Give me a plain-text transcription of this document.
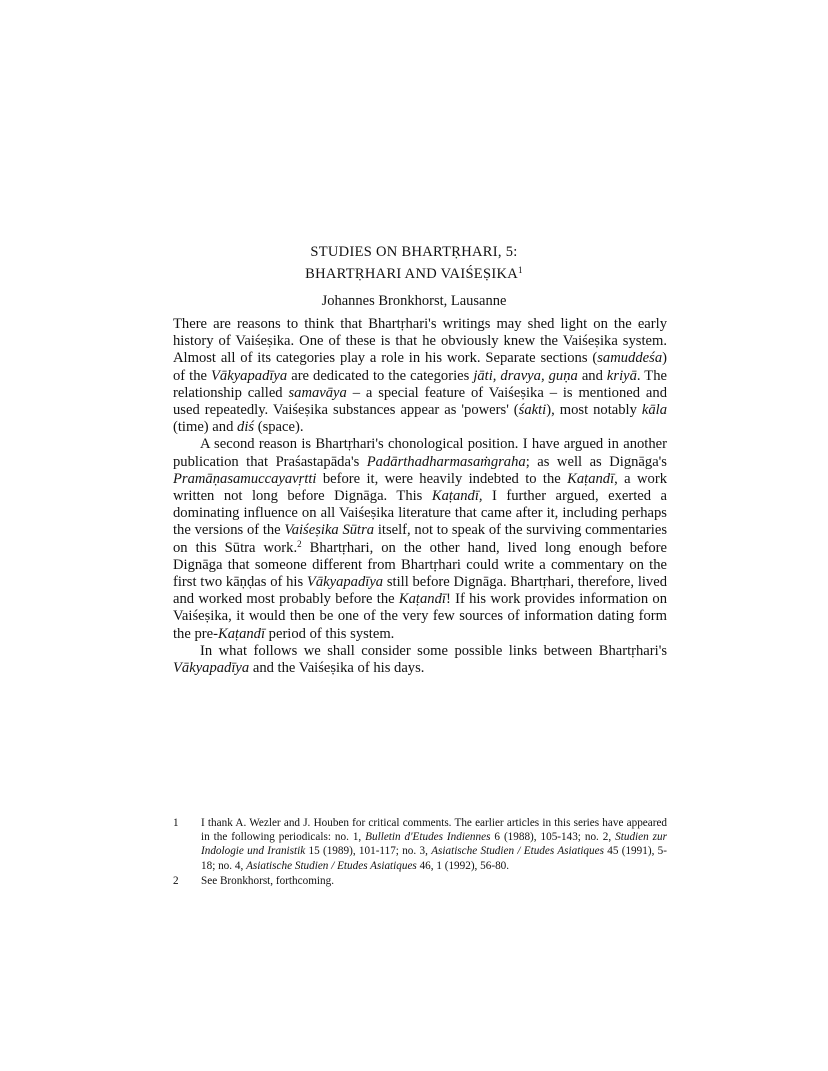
STUDIES ON BHARTṚHARI, 5:
BHARTṚHARI AND VAIŚEṢIKA$^1$
Johannes Bronkhorst, Lausanne

There are reasons to think that Bhartṛhari's writings may shed light on the early history of Vaiśeṣika. One of these is that he obviously knew the Vaiśeṣika system. Almost all of its categories play a role in his work. Separate sections (samuddeśa) of the Vākyapadīya are dedicated to the categories jāti, dravya, guṇa and kriyā. The relationship called samavāya – a special feature of Vaiśeṣika – is mentioned and used repeatedly. Vaiśeṣika substances appear as 'powers' (śakti), most notably kāla (time) and diś (space).

A second reason is Bhartṛhari's chonological position. I have argued in another publication that Praśastapāda's Padārthadharmasaṁgraha; as well as Dignāga's Pramāṇasamuccayavṛtti before it, were heavily indebted to the Kaṭandī, a work written not long before Dignāga. This Kaṭandī, I further argued, exerted a dominating influence on all Vaiśeṣika literature that came after it, including perhaps the versions of the Vaiśeṣika Sūtra itself, not to speak of the surviving commentaries on this Sūtra work.$^2$ Bhartṛhari, on the other hand, lived long enough before Dignāga that someone different from Bhartṛhari could write a commentary on the first two kāṇḍas of his Vākyapadīya still before Dignāga. Bhartṛhari, therefore, lived and worked most probably before the Kaṭandī! If his work provides information on Vaiśeṣika, it would then be one of the very few sources of information dating form the pre-Kaṭandī period of this system.

In what follows we shall consider some possible links between Bhartṛhari's Vākyapadīya and the Vaiśeṣika of his days.

1	I thank A. Wezler and J. Houben for critical comments. The earlier articles in this series have appeared in the following periodicals: no. 1, Bulletin d'Etudes Indiennes 6 (1988), 105-143; no. 2, Studien zur Indologie und Iranistik 15 (1989), 101-117; no. 3, Asiatische Studien / Etudes Asiatiques 45 (1991), 5-18; no. 4, Asiatische Studien / Etudes Asiatiques 46, 1 (1992), 56-80.
2	See Bronkhorst, forthcoming.
